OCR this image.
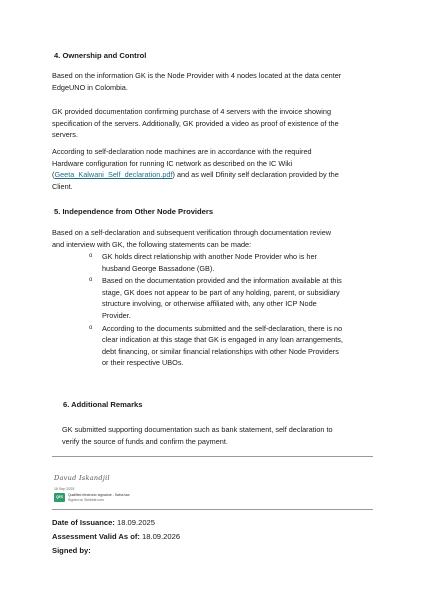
4. Ownership and Control
Based on the information GK is the Node Provider with 4 nodes located at the data center
EdgeUNO in Colombia.
GK provided documentation confirming purchase of 4 servers with the invoice showing
specification of the servers. Additionally, GK provided a video as proof of existence of the
servers.
According to self-declaration node machines are in accordance with the required
Hardware configuration for running IC network as described on the IC Wiki
(Geeta_Kalwani_Self_declaration.pdf) and as well Dfinity self declaration provided by the
Client.
5. Independence from Other Node Providers
Based on a self-declaration and subsequent verification through documentation review
and interview with GK, the following statements can be made:
o GK holds direct relationship with another Node Provider who is her
husband George Bassadone (GB).
o Based on the documentation provided and the information available at this
stage, GK does not appear to be part of any holding, parent, or subsidiary
structure involving, or otherwise affiliated with, any other ICP Node
Provider.
o According to the documents submitted and the self-declaration, there is no
clear indication at this stage that GK is engaged in any loan arrangements,
debt financing, or similar financial relationships with other Node Providers
or their respective UBOs.
6. Additional Remarks
GK submitted supporting documentation such as bank statement, self declaration to
verify the source of funds and confirm the payment.
Davud Iskandjil
18 Sep 2025
QES	Qualified electronic signature - Swiss law
Signed on Skribble.com
Date of Issuance: 18.09.2025
Assessment Valid As of: 18.09.2026
Signed by:
